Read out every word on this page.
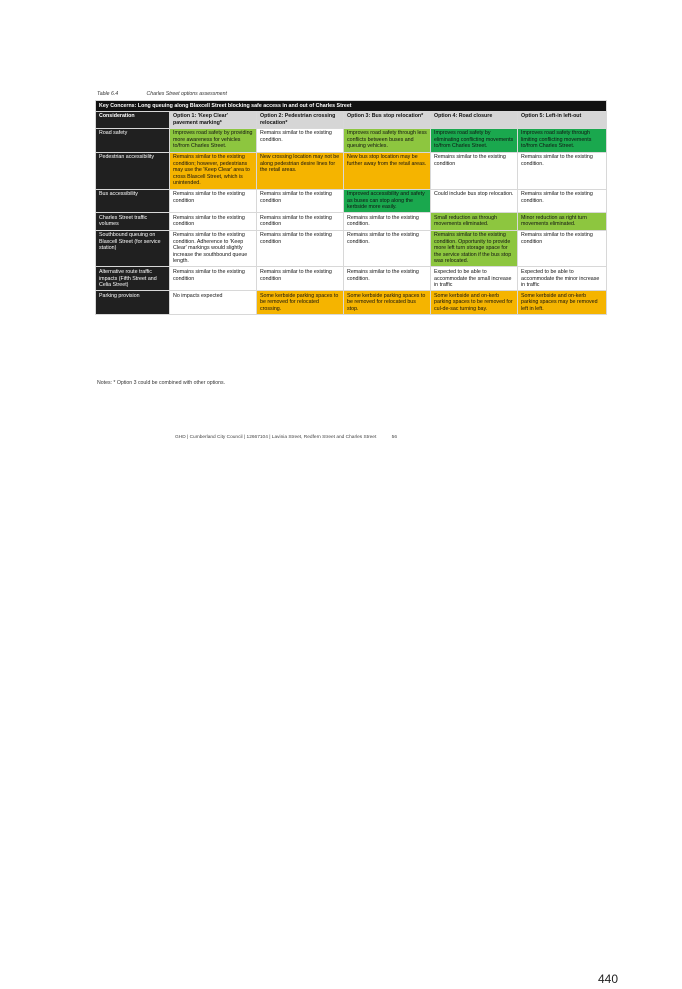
Table 6.4	Charles Street options assessment
Key Concerns: Long queuing along Blaxcell Street blocking safe access in and out of Charles Street					
Consideration	Option 1: 'Keep Clear' pavement marking*	Option 2: Pedestrian crossing relocation*	Option 3: Bus stop relocation*	Option 4: Road closure	Option 5: Left-in left-out
Road safety	Improves road safety by providing more awareness for vehicles to/from Charles Street.	Remains similar to the existing condition.	Improves road safety through less conflicts between buses and queuing vehicles.	Improves road safety by eliminating conflicting movements to/from Charles Street.	Improves road safety through limiting conflicting movements to/from Charles Street.
Pedestrian accessibility	Remains similar to the existing condition; however, pedestrians may use the 'Keep Clear' area to cross Blaxcell Street, which is unintended.	New crossing location may not be along pedestrian desire lines for the retail areas.	New bus stop location may be further away from the retail areas.	Remains similar to the existing condition	Remains similar to the existing condition.
Bus accessibility	Remains similar to the existing condition	Remains similar to the existing condition	Improved accessibility and safety as buses can stop along the kerbside more easily.	Could include bus stop relocation.	Remains similar to the existing condition.
Charles Street traffic volumes	Remains similar to the existing condition	Remains similar to the existing condition	Remains similar to the existing condition.	Small reduction as through movements eliminated.	Minor reduction as right turn movements eliminated.
Southbound queuing on Blaxcell Street (for service station)	Remains similar to the existing condition. Adherence to 'Keep Clear' markings would slightly increase the southbound queue length.	Remains similar to the existing condition	Remains similar to the existing condition.	Remains similar to the existing condition. Opportunity to provide more left turn storage space for the service station if the bus stop was relocated.	Remains similar to the existing condition
Alternative route traffic impacts (Fifth Street and Celia Street)	Remains similar to the existing condition	Remains similar to the existing condition	Remains similar to the existing condition.	Expected to be able to accommodate the small increase in traffic	Expected to be able to accommodate the minor increase in traffic
Parking provision	No impacts expected	Some kerbside parking spaces to be removed for relocated crossing.	Some kerbside parking spaces to be removed for relocated bus stop.	Some kerbside and on-kerb parking spaces to be removed for cul-de-sac turning bay.	Some kerbside and on-kerb parking spaces may be removed left in left.
Notes: * Option 3 could be combined with other options.
GHD | Cumberland City Council | 12667104 | Lavinia Street, Redfern Street and Charles Street	56
440
